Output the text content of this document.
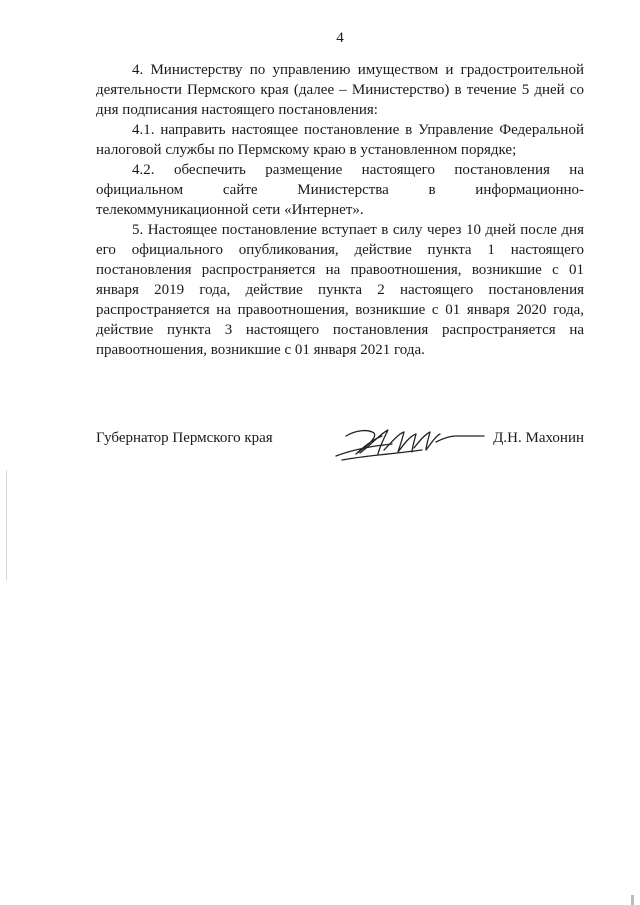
4

4. Министерству по управлению имуществом и градостроительной деятельности Пермского края (далее – Министерство) в течение 5 дней со дня подписания настоящего постановления:

4.1. направить настоящее постановление в Управление Федеральной налоговой службы по Пермскому краю в установленном порядке;

4.2. обеспечить размещение настоящего постановления на официальном сайте Министерства в информационно-телекоммуникационной сети «Интернет».

5. Настоящее постановление вступает в силу через 10 дней после дня его официального опубликования, действие пункта 1 настоящего постановления распространяется на правоотношения, возникшие с 01 января 2019 года, действие пункта 2 настоящего постановления распространяется на правоотношения, возникшие с 01 января 2020 года, действие пункта 3 настоящего постановления распространяется на правоотношения, возникшие с 01 января 2021 года.

Губернатор Пермского края	Д.Н. Махонин
